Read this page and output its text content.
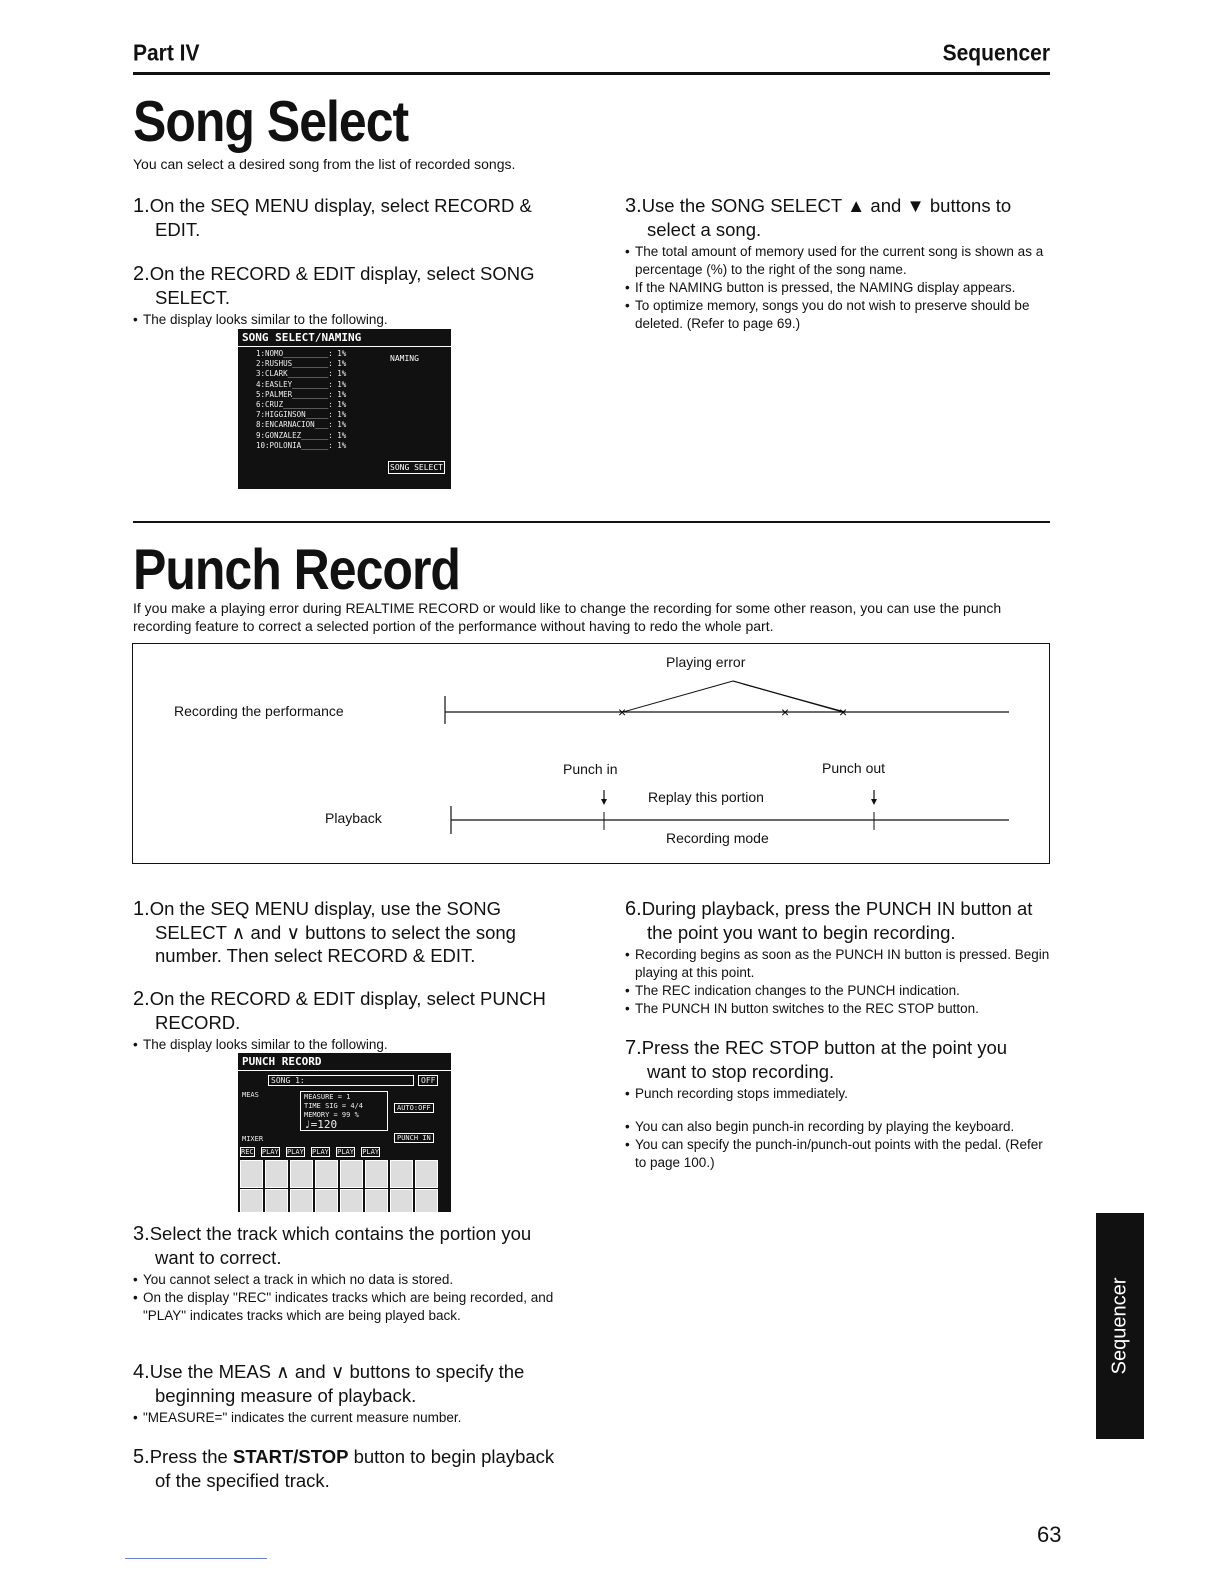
Part IV	Sequencer
Song Select
You can select a desired song from the list of recorded songs.
1.On the SEQ MENU display, select RECORD & EDIT.
2.On the RECORD & EDIT display, select SONG SELECT.
• The display looks similar to the following.
SONG SELECT/NAMING
1:NOMO__________: 1%
2:RUSHUS________: 1%
3:CLARK_________: 1%
4:EASLEY________: 1%
5:PALMER________: 1%
6:CRUZ__________: 1%
7:HIGGINSON_____: 1%
8:ENCARNACION___: 1%
9:GONZALEZ______: 1%
10:POLONIA______: 1%
NAMING
SONG SELECT
3.Use the SONG SELECT ▲ and ▼ buttons to select a song.
• The total amount of memory used for the current song is shown as a percentage (%) to the right of the song name.
• If the NAMING button is pressed, the NAMING display appears.
• To optimize memory, songs you do not wish to preserve should be deleted. (Refer to page 69.)
Punch Record
If you make a playing error during REALTIME RECORD or would like to change the recording for some other reason, you can use the punch recording feature to correct a selected portion of the performance without having to redo the whole part.
×	×	×
Playing error
Recording the performance
Punch in	Punch out
Replay this portion
Playback
Recording mode
1.On the SEQ MENU display, use the SONG SELECT ∧ and ∨ buttons to select the song number. Then select RECORD & EDIT.
2.On the RECORD & EDIT display, select PUNCH RECORD.
• The display looks similar to the following.
PUNCH RECORD
SONG 1:	OFF
MEAS	MEASURE = 1
TIME SIG = 4/4
MEMORY = 99 %
♩=120
AUTO:OFF
MIXER	PUNCH IN
REC PLAY PLAY PLAY PLAY PLAY
3.Select the track which contains the portion you want to correct.
• You cannot select a track in which no data is stored.
• On the display "REC" indicates tracks which are being recorded, and "PLAY" indicates tracks which are being played back.
4.Use the MEAS ∧ and ∨ buttons to specify the beginning measure of playback.
• "MEASURE=" indicates the current measure number.
5.Press the START/STOP button to begin playback of the specified track.
6.During playback, press the PUNCH IN button at the point you want to begin recording.
• Recording begins as soon as the PUNCH IN button is pressed. Begin playing at this point.
• The REC indication changes to the PUNCH indication.
• The PUNCH IN button switches to the REC STOP button.
7.Press the REC STOP button at the point you want to stop recording.
• Punch recording stops immediately.
• You can also begin punch-in recording by playing the keyboard.
• You can specify the punch-in/punch-out points with the pedal. (Refer to page 100.)
Sequencer
63
